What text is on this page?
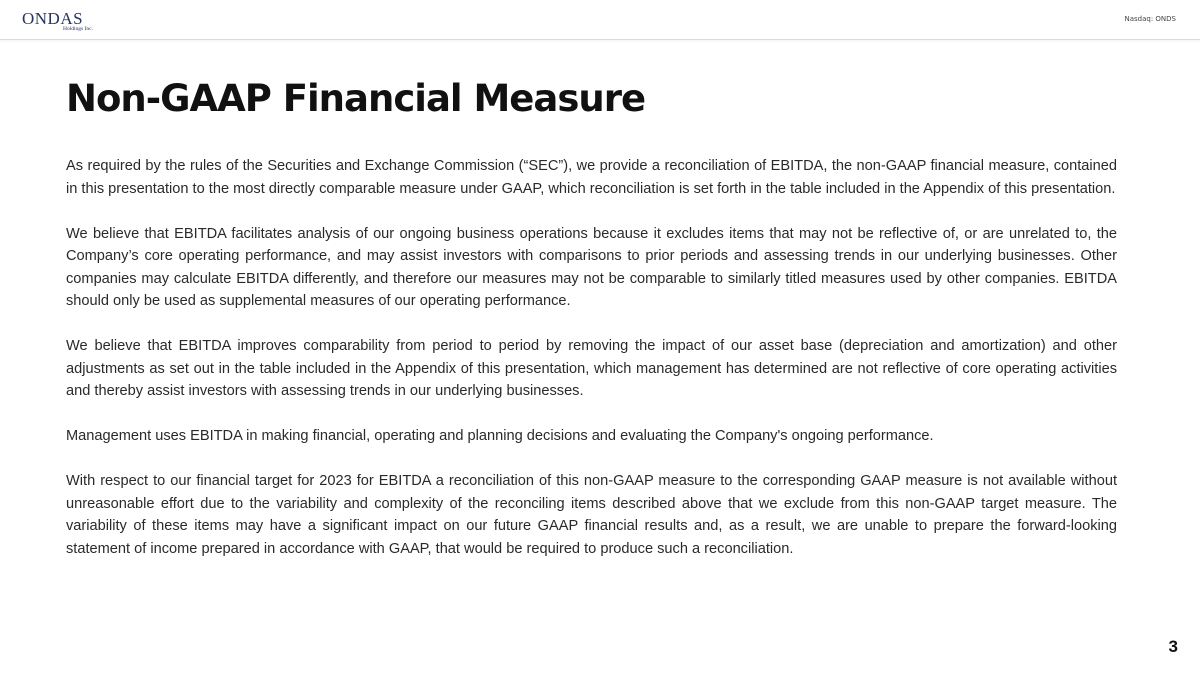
ONDAS
Holdings Inc.
Nasdaq: ONDS
Non-GAAP Financial Measure

As required by the rules of the Securities and Exchange Commission (“SEC”), we provide a reconciliation of EBITDA, the non-GAAP financial measure, contained in this presentation to the most directly comparable measure under GAAP, which reconciliation is set forth in the table included in the Appendix of this presentation.

We believe that EBITDA facilitates analysis of our ongoing business operations because it excludes items that may not be reflective of, or are unrelated to, the Company’s core operating performance, and may assist investors with comparisons to prior periods and assessing trends in our underlying businesses. Other companies may calculate EBITDA differently, and therefore our measures may not be comparable to similarly titled measures used by other companies. EBITDA should only be used as supplemental measures of our operating performance.

We believe that EBITDA improves comparability from period to period by removing the impact of our asset base (depreciation and amortization) and other adjustments as set out in the table included in the Appendix of this presentation, which management has determined are not reflective of core operating activities and thereby assist investors with assessing trends in our underlying businesses.

Management uses EBITDA in making financial, operating and planning decisions and evaluating the Company's ongoing performance.

With respect to our financial target for 2023 for EBITDA a reconciliation of this non-GAAP measure to the corresponding GAAP measure is not available without unreasonable effort due to the variability and complexity of the reconciling items described above that we exclude from this non-GAAP target measure. The variability of these items may have a significant impact on our future GAAP financial results and, as a result, we are unable to prepare the forward-looking statement of income prepared in accordance with GAAP, that would be required to produce such a reconciliation.

3
